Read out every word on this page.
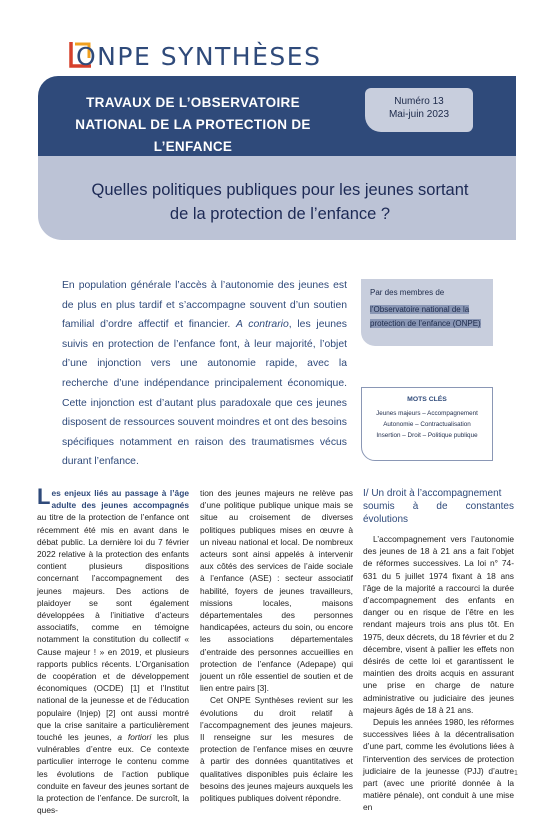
ONPE SYNTHÈSES
TRAVAUX DE L’OBSERVATOIRE
NATIONAL DE LA PROTECTION DE L’ENFANCE
Numéro 13
Mai-juin 2023
Quelles politiques publiques pour les jeunes sortant
de la protection de l’enfance ?
En population générale l’accès à l’autonomie des jeunes est de plus en plus tardif et s’accompagne souvent d’un soutien familial d’ordre affectif et financier. A contrario, les jeunes suivis en protection de l’enfance font, à leur majorité, l’objet d’une injonction vers une autonomie rapide, avec la recherche d’une indépendance principalement économique. Cette injonction est d’autant plus paradoxale que ces jeunes disposent de ressources souvent moindres et ont des besoins spécifiques notamment en raison des traumatismes vécus durant l’enfance.
Par des membres de
l’Observatoire national de la
protection de l’enfance (ONPE)
MOTS CLÉS
Jeunes majeurs – Accompagnement
Autonomie – Contractualisation
Insertion – Droit – Politique publique

Les enjeux liés au passage à l’âge adulte des jeunes accompagnés au titre de la protection de l’enfance ont récemment été mis en avant dans le débat public. La dernière loi du 7 février 2022 relative à la protection des enfants contient plusieurs dispositions concernant l’accompagnement des jeunes majeurs. Des actions de plaidoyer se sont également développées à l’initiative d’acteurs associatifs, comme en témoigne notamment la constitution du collectif « Cause majeur ! » en 2019, et plusieurs rapports publics récents. L’Organisation de coopération et de développement économiques (OCDE) [1] et l’Institut national de la jeunesse et de l’éducation populaire (Injep) [2] ont aussi montré que la crise sanitaire a particulièrement touché les jeunes, a fortiori les plus vulnérables d’entre eux. Ce contexte particulier interroge le contenu comme les évolutions de l’action publique conduite en faveur des jeunes sortant de la protection de l’enfance. De surcroît, la ques-

tion des jeunes majeurs ne relève pas d’une politique publique unique mais se situe au croisement de diverses politiques publiques mises en œuvre à un niveau national et local. De nombreux acteurs sont ainsi appelés à intervenir aux côtés des services de l’aide sociale à l’enfance (ASE) : secteur associatif habilité, foyers de jeunes travailleurs, missions locales, maisons départementales des personnes handicapées, acteurs du soin, ou encore les associations départementales d’entraide des personnes accueillies en protection de l’enfance (Adepape) qui jouent un rôle essentiel de soutien et de lien entre pairs [3].

Cet ONPE Synthèses revient sur les évolutions du droit relatif à l’accompagnement des jeunes majeurs. Il renseigne sur les mesures de protection de l’enfance mises en œuvre à partir des données quantitatives et qualitatives disponibles puis éclaire les besoins des jeunes majeurs auxquels les politiques publiques doivent répondre.

I/ Un droit à l’accompagnement
soumis à de constantes évolutions

L’accompagnement vers l’autonomie des jeunes de 18 à 21 ans a fait l’objet de réformes successives. La loi n° 74-631 du 5 juillet 1974 fixant à 18 ans l’âge de la majorité a raccourci la durée d’accompagnement des enfants en danger ou en risque de l’être en les rendant majeurs trois ans plus tôt. En 1975, deux décrets, du 18 février et du 2 décembre, visent à pallier les effets non désirés de cette loi et garantissent le maintien des droits acquis en assurant une prise en charge de nature administrative ou judiciaire des jeunes majeurs âgés de 18 à 21 ans.

Depuis les années 1980, les réformes successives liées à la décentralisation d’une part, comme les évolutions liées à l’intervention des services de protection judiciaire de la jeunesse (PJJ) d’autre part (avec une priorité donnée à la matière pénale), ont conduit à une mise en

1
